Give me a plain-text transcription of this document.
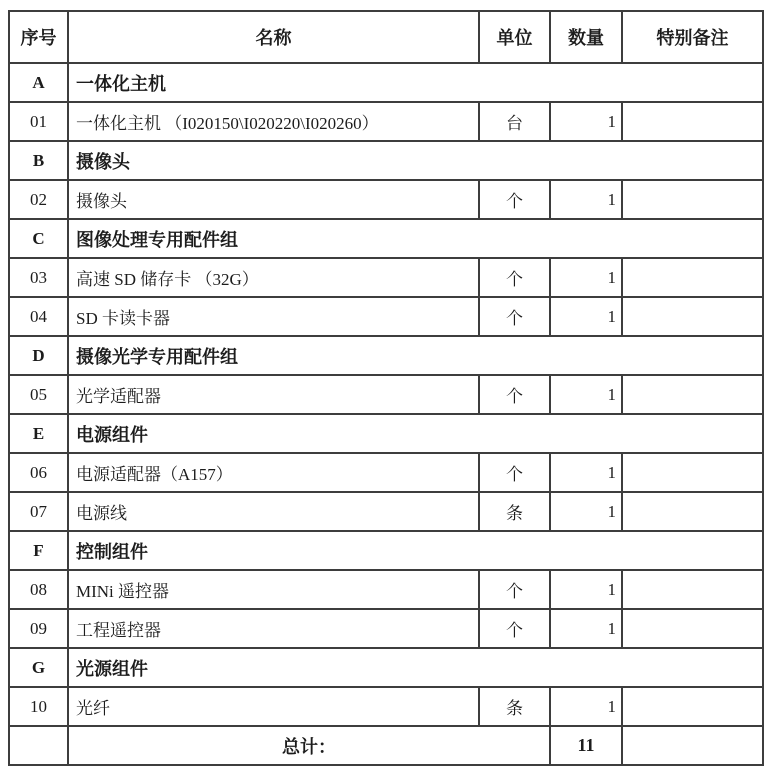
序号	名称	单位	数量	特别备注
A	一体化主机			
01	一体化主机 （I020150\I020220\I020260）	台	1	
B	摄像头			
02	摄像头	个	1	
C	图像处理专用配件组			
03	高速 SD 储存卡 （32G）	个	1	
04	SD 卡读卡器	个	1	
D	摄像光学专用配件组			
05	光学适配器	个	1	
E	电源组件			
06	电源适配器（A157）	个	1	
07	电源线	条	1	
F	控制组件			
08	MINi 遥控器	个	1	
09	工程遥控器	个	1	
G	光源组件			
10	光纤	条	1	
	总计：		11	
